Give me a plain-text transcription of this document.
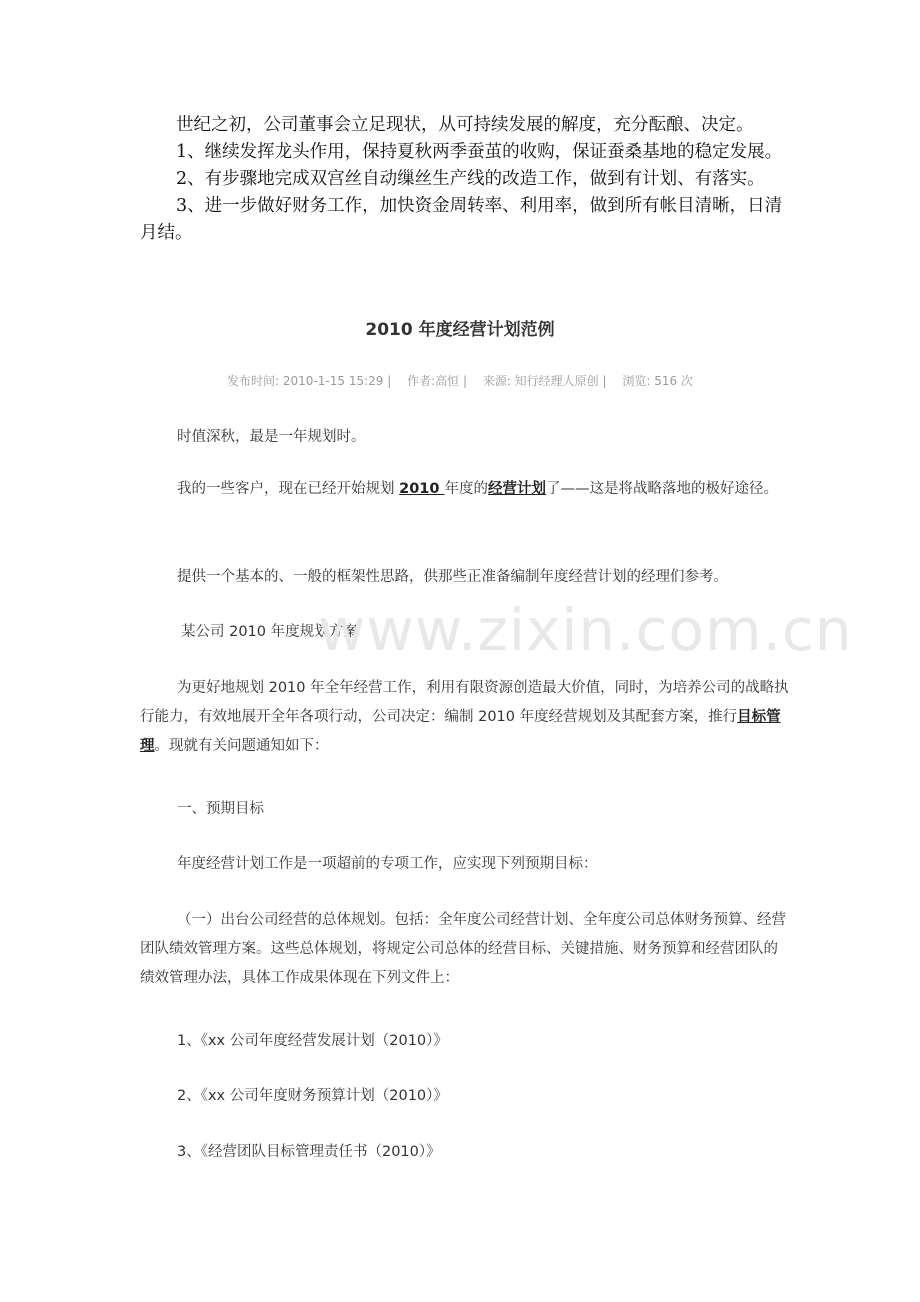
世纪之初，公司董事会立足现状，从可持续发展的解度，充分酝酿、决定。

1、继续发挥龙头作用，保持夏秋两季蚕茧的收购，保证蚕桑基地的稳定发展。

2、有步骤地完成双宫丝自动缫丝生产线的改造工作，做到有计划、有落实。

3、进一步做好财务工作，加快资金周转率、利用率，做到所有帐目清晰，日清月结。

2010 年度经营计划范例
发布时间: 2010-1-15 15:29 | 作者:高恒 | 来源: 知行经理人原创 | 浏览: 516 次
时值深秋，最是一年规划时。
我的一些客户，现在已经开始规划 2010 年度的经营计划了——这是将战略落地的极好途径。
提供一个基本的、一般的框架性思路，供那些正准备编制年度经营计划的经理们参考。
某公司 2010 年度规划方案
为更好地规划 2010 年全年经营工作，利用有限资源创造最大价值，同时，为培养公司的战略执行能力，有效地展开全年各项行动，公司决定：编制 2010 年度经营规划及其配套方案，推行目标管理。现就有关问题通知如下：
一、预期目标
年度经营计划工作是一项超前的专项工作，应实现下列预期目标：
（一）出台公司经营的总体规划。包括：全年度公司经营计划、全年度公司总体财务预算、经营团队绩效管理方案。这些总体规划，将规定公司总体的经营目标、关键措施、财务预算和经营团队的绩效管理办法，具体工作成果体现在下列文件上：
1、《xx 公司年度经营发展计划（2010）》
2、《xx 公司年度财务预算计划（2010）》
3、《经营团队目标管理责任书（2010）》
www.zixin.com.cn
